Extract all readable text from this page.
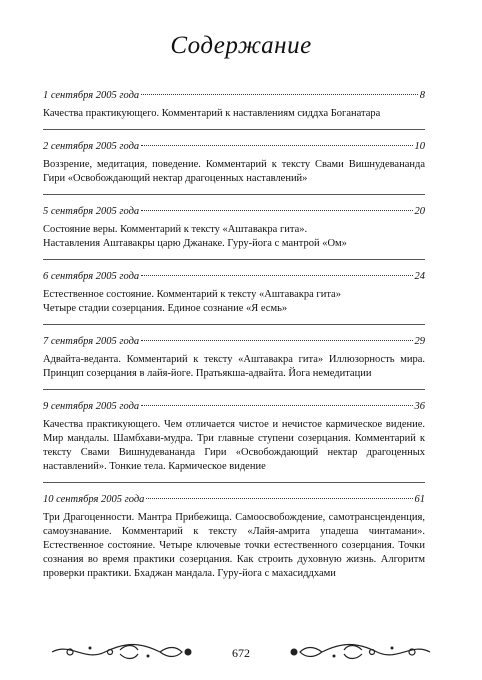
Содержание
1 сентября 2005 года	8

Качества практикующего. Комментарий к наставлениям сиддха Боганатара

2 сентября 2005 года	10

Воззрение, медитация, поведение. Комментарий к тексту Свами Вишнудевананда Гири «Освобождающий нектар драгоценных наставлений»

5 сентября 2005 года	20

Состояние веры. Комментарий к тексту «Аштавакра гита».
Наставления Аштавакры царю Джанаке. Гуру-йога с мантрой «Ом»

6 сентября 2005 года	24

Естественное состояние. Комментарий к тексту «Аштавакра гита»
Четыре стадии созерцания. Единое сознание «Я есмь»

7 сентября 2005 года	29

Адвайта-веданта. Комментарий к тексту «Аштавакра гита» Иллюзорность мира. Принцип созерцания в лайя-йоге. Пратьякша-адвайта. Йога немедитации

9 сентября 2005 года	36

Качества практикующего. Чем отличается чистое и нечистое кармическое видение. Мир мандалы. Шамбхави-мудра. Три главные ступени созерцания. Комментарий к тексту Свами Вишнудевананда Гири «Освобождающий нектар драгоценных наставлений». Тонкие тела. Кармическое видение

10 сентября 2005 года	61

Три Драгоценности. Мантра Прибежища. Самоосвобождение, самотрансценденция, самоузнавание. Комментарий к тексту «Лайя-амрита упадеша чинтамани». Естественное состояние. Четыре ключевые точки естественного созерцания. Точки сознания во время практики созерцания. Как строить духовную жизнь. Алгоритм проверки практики. Бхаджан мандала. Гуру-йога с махасиддхами

672
